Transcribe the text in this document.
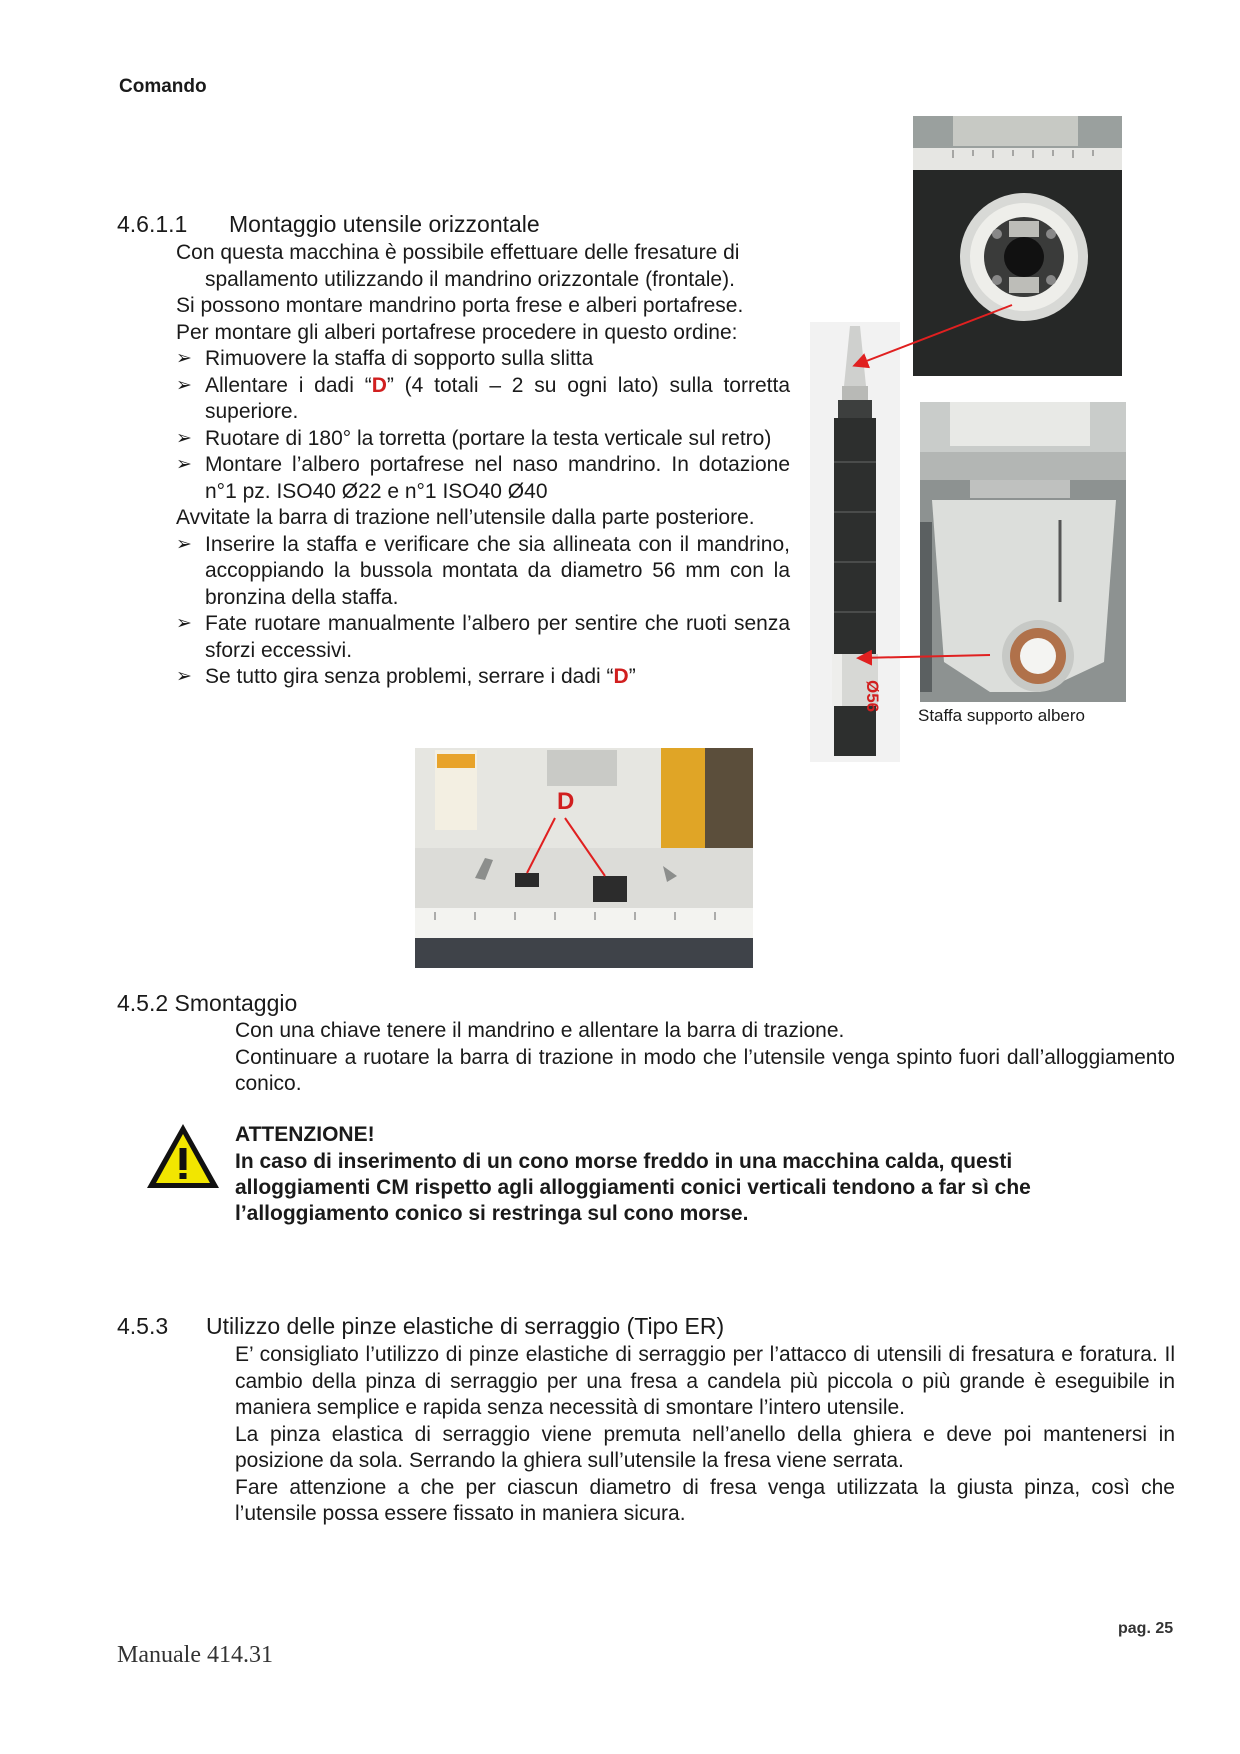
Comando
4.6.1.1 Montaggio utensile orizzontale
Con questa macchina è possibile effettuare delle fresature di
spallamento utilizzando il mandrino orizzontale (frontale).
Si possono montare mandrino porta frese e alberi portafrese.
Per montare gli alberi portafrese procedere in questo ordine:
➢ Rimuovere la staffa di sopporto sulla slitta
➢ Allentare i dadi “D” (4 totali – 2 su ogni lato) sulla torretta superiore.
➢ Ruotare di 180° la torretta (portare la testa verticale sul retro)
➢ Montare l’albero portafrese nel naso mandrino. In dotazione n°1 pz. ISO40 Ø22 e n°1 ISO40 Ø40
Avvitate la barra di trazione nell’utensile dalla parte posteriore.
➢ Inserire la staffa e verificare che sia allineata con il mandrino, accoppiando la bussola montata da diametro 56 mm con la bronzina della staffa.
➢ Fate ruotare manualmente l’albero per sentire che ruoti senza sforzi eccessivi.
➢ Se tutto gira senza problemi, serrare i dadi “D”
Ø56
Staffa supporto albero
D
4.5.2 Smontaggio
Con una chiave tenere il mandrino e allentare la barra di trazione.
Continuare a ruotare la barra di trazione in modo che l’utensile venga spinto fuori dall’alloggiamento conico.
ATTENZIONE!
In caso di inserimento di un cono morse freddo in una macchina calda, questi alloggiamenti CM rispetto agli alloggiamenti conici verticali tendono a far sì che l’alloggiamento conico si restringa sul cono morse.
4.5.3 Utilizzo delle pinze elastiche di serraggio (Tipo ER)
E’ consigliato l’utilizzo di pinze elastiche di serraggio per l’attacco di utensili di fresatura e foratura. Il cambio della pinza di serraggio per una fresa a candela più piccola o più grande è eseguibile in maniera semplice e rapida senza necessità di smontare l’intero utensile.
La pinza elastica di serraggio viene premuta nell’anello della ghiera e deve poi mantenersi in posizione da sola. Serrando la ghiera sull’utensile la fresa viene serrata.
Fare attenzione a che per ciascun diametro di fresa venga utilizzata la giusta pinza, così che l’utensile possa essere fissato in maniera sicura.
pag. 25
Manuale 414.31
